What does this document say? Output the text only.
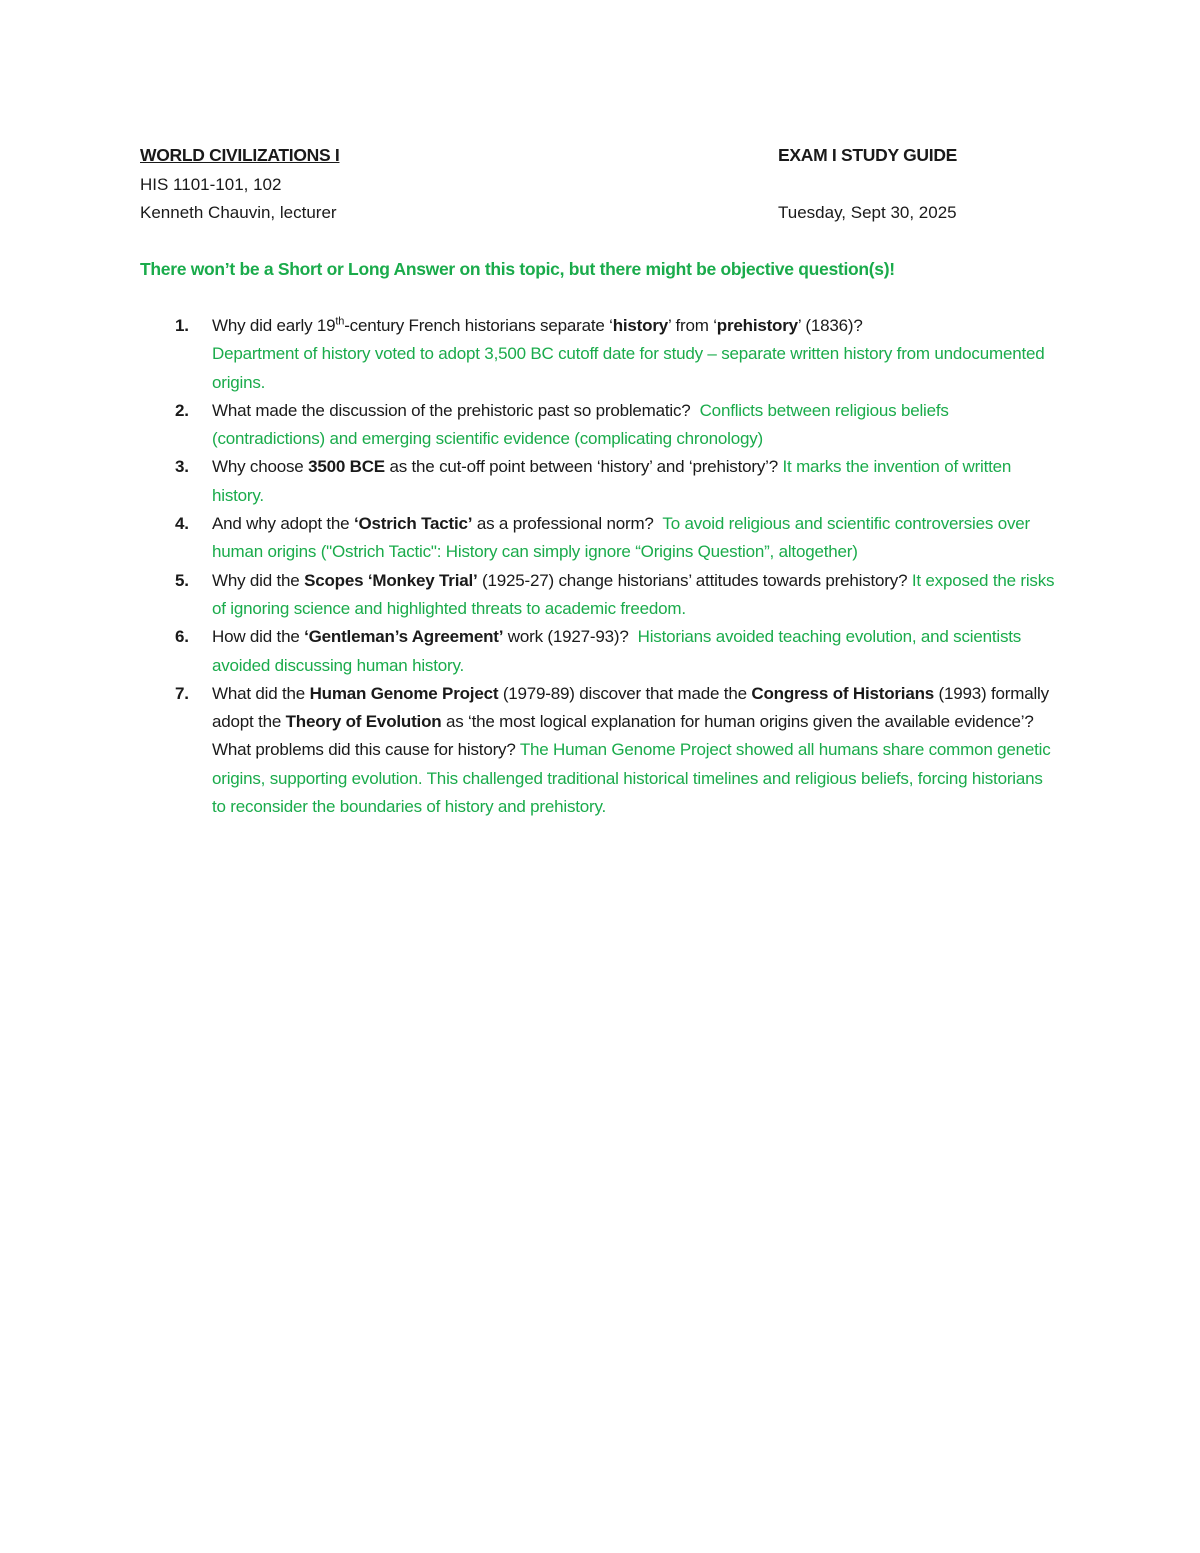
WORLD CIVILIZATIONS I	EXAM I STUDY GUIDE
HIS 1101-101, 102
Kenneth Chauvin, lecturer	Tuesday, Sept 30, 2025
There won’t be a Short or Long Answer on this topic, but there might be objective question(s)!
1. Why did early 19th-century French historians separate ‘history’ from ‘prehistory’ (1836)?
Department of history voted to adopt 3,500 BC cutoff date for study – separate written history from undocumented origins.
2. What made the discussion of the prehistoric past so problematic? Conflicts between religious beliefs (contradictions) and emerging scientific evidence (complicating chronology)
3. Why choose 3500 BCE as the cut-off point between ‘history’ and ‘prehistory’? It marks the invention of written history.
4. And why adopt the ‘Ostrich Tactic’ as a professional norm? To avoid religious and scientific controversies over human origins ("Ostrich Tactic": History can simply ignore “Origins Question”, altogether)
5. Why did the Scopes ‘Monkey Trial’ (1925-27) change historians’ attitudes towards prehistory? It exposed the risks of ignoring science and highlighted threats to academic freedom.
6. How did the ‘Gentleman’s Agreement’ work (1927-93)? Historians avoided teaching evolution, and scientists avoided discussing human history.
7. What did the Human Genome Project (1979-89) discover that made the Congress of Historians (1993) formally adopt the Theory of Evolution as ‘the most logical explanation for human origins given the available evidence’? What problems did this cause for history? The Human Genome Project showed all humans share common genetic origins, supporting evolution. This challenged traditional historical timelines and religious beliefs, forcing historians to reconsider the boundaries of history and prehistory.
